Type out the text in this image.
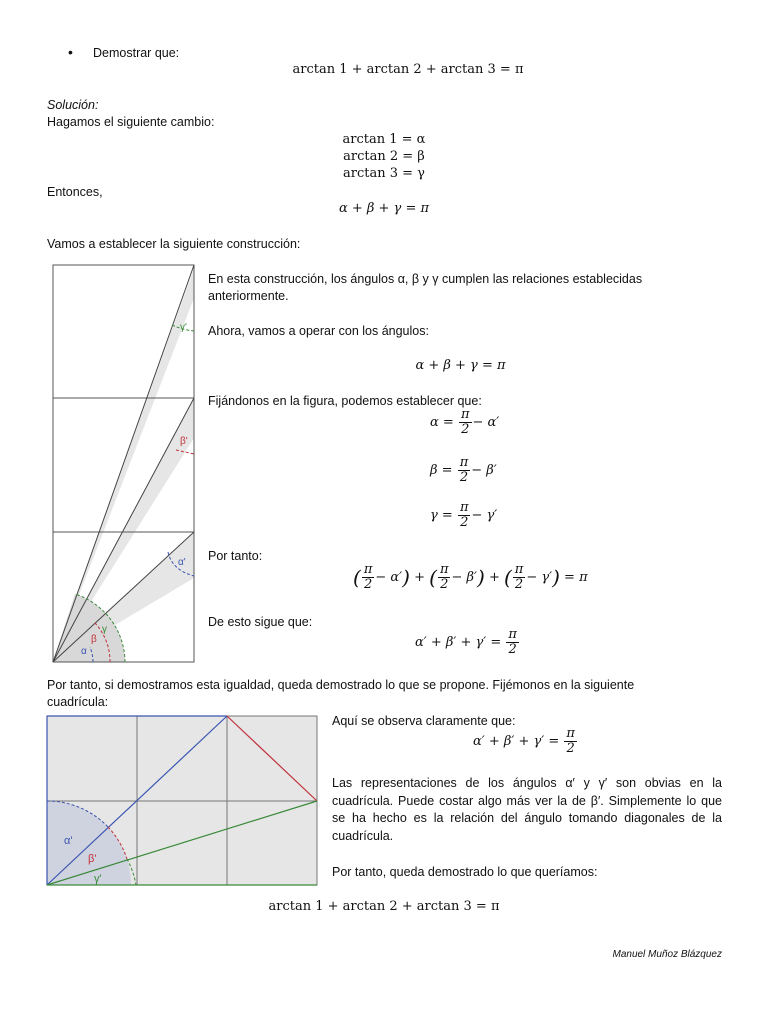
• Demostrar que:
arctan 1 + arctan 2 + arctan 3 = π
Solución:
Hagamos el siguiente cambio:
arctan 1 = α
arctan 2 = β
arctan 3 = γ
Entonces,
α + β + γ = π
Vamos a establecer la siguiente construcción:
γ'
β'
α'
α
β
γ
En esta construcción, los ángulos α, β y γ cumplen las relaciones establecidas
anteriormente.
Ahora, vamos a operar con los ángulos:
α + β + γ = π
Fijándonos en la figura, podemos establecer que:
$\alpha = \frac{\pi}{2} - \alpha'$
$\beta = \frac{\pi}{2} - \beta'$
$\gamma = \frac{\pi}{2} - \gamma'$
Por tanto:
( $\frac{\pi}{2} - \alpha'$) + ( $\frac{\pi}{2} - \beta'$) + ( $\frac{\pi}{2} - \gamma') = \pi$
De esto sigue que:
$\alpha' + \beta' + \gamma' = \frac{\pi}{2}$
Por tanto, si demostramos esta igualdad, queda demostrado lo que se propone. Fijémonos en la siguiente
cuadrícula:
α'
β'
γ'
Aquí se observa claramente que:
$\alpha' + \beta' + \gamma' = \frac{\pi}{2}$
Las representaciones de los ángulos α′ y γ′ son obvias en la cuadrícula. Puede costar algo más ver la de β′. Simplemente lo que se ha hecho es la relación del ángulo tomando diagonales de la cuadrícula.
Por tanto, queda demostrado lo que queríamos:
arctan 1 + arctan 2 + arctan 3 = π
Manuel Muñoz Blázquez
